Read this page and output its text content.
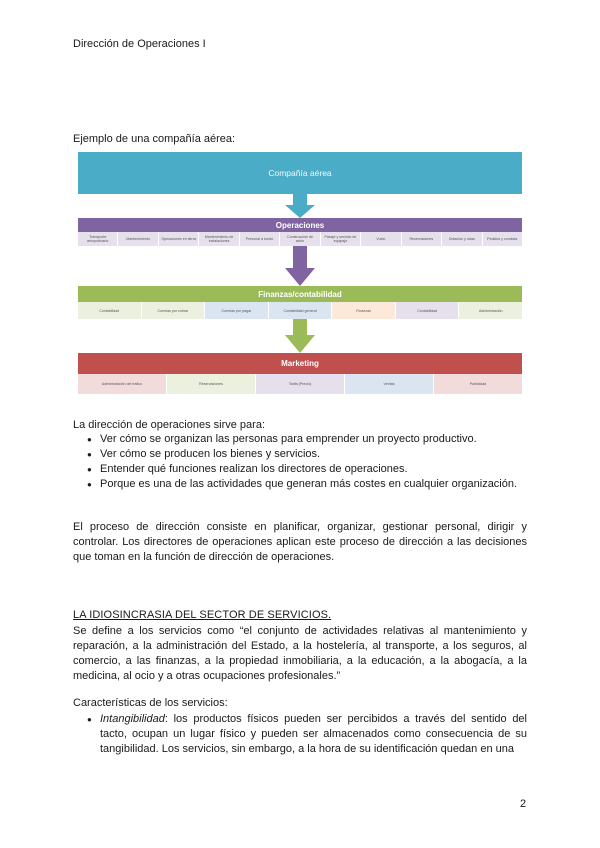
Dirección de Operaciones I
Ejemplo de una compañía aérea:
Compañía aérea
Operaciones
Transporte aeroportuario	Mantenimiento	Operaciones en tierra	Mantenimiento de instalaciones	Personal a bordo	Construcción de avión
Pasaje y servicio de equipaje	Vuelo	Reservaciones	Dotación y rutas	Pedidos y comidas
Finanzas/contabilidad
Contabilidad	Cuentas por cobrar	Cuentas por pagar	Contabilidad general	Finanzas	Contabilidad	Administración
Marketing
Administración del tráfico	Reservaciones	Tarifa (Precio)	Ventas	Publicidad
La dirección de operaciones sirve para:
● Ver cómo se organizan las personas para emprender un proyecto productivo.
● Ver cómo se producen los bienes y servicios.
● Entender qué funciones realizan los directores de operaciones.
● Porque es una de las actividades que generan más costes en cualquier organización.

El proceso de dirección consiste en planificar, organizar, gestionar personal, dirigir y controlar. Los directores de operaciones aplican este proceso de dirección a las decisiones que toman en la función de dirección de operaciones.

LA IDIOSINCRASIA DEL SECTOR DE SERVICIOS.

Se define a los servicios como “el conjunto de actividades relativas al mantenimiento y reparación, a la administración del Estado, a la hostelería, al transporte, a los seguros, al comercio, a las finanzas, a la propiedad inmobiliaria, a la educación, a la abogacía, a la medicina, al ocio y a otras ocupaciones profesionales.”

Características de los servicios:
● Intangibilidad: los productos físicos pueden ser percibidos a través del sentido del tacto, ocupan un lugar físico y pueden ser almacenados como consecuencia de su tangibilidad. Los servicios, sin embargo, a la hora de su identificación quedan en una
2
